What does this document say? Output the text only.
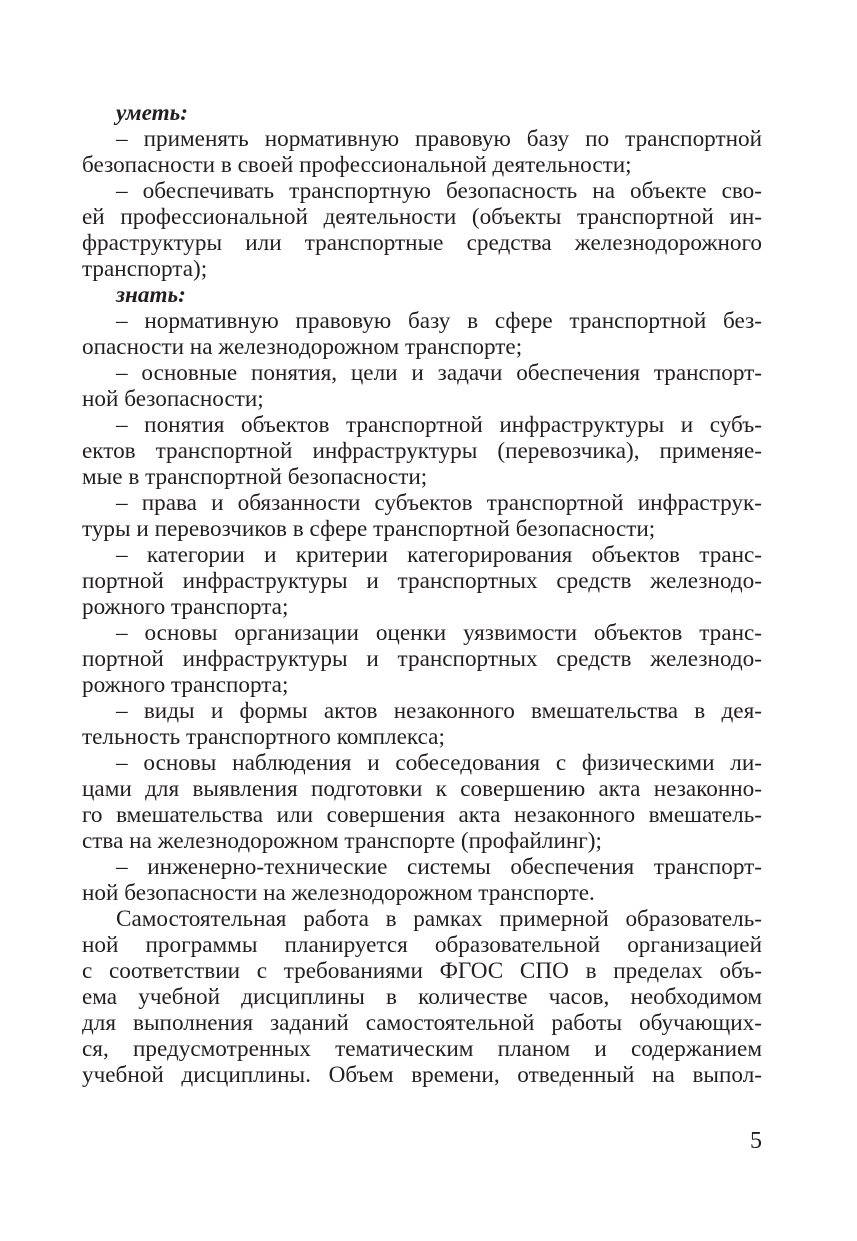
уметь:
– применять нормативную правовую базу по транспортной
безопасности в своей профессиональной деятельности;
– обеспечивать транспортную безопасность на объекте сво-
ей профессиональной деятельности (объекты транспортной ин-
фраструктуры или транспортные средства железнодорожного
транспорта);
знать:
– нормативную правовую базу в сфере транспортной без-
опасности на железнодорожном транспорте;
– основные понятия, цели и задачи обеспечения транспорт-
ной безопасности;
– понятия объектов транспортной инфраструктуры и субъ-
ектов транспортной инфраструктуры (перевозчика), применяе-
мые в транспортной безопасности;
– права и обязанности субъектов транспортной инфраструк-
туры и перевозчиков в сфере транспортной безопасности;
– категории и критерии категорирования объектов транс-
портной инфраструктуры и транспортных средств железнодо-
рожного транспорта;
– основы организации оценки уязвимости объектов транс-
портной инфраструктуры и транспортных средств железнодо-
рожного транспорта;
– виды и формы актов незаконного вмешательства в дея-
тельность транспортного комплекса;
– основы наблюдения и собеседования с физическими ли-
цами для выявления подготовки к совершению акта незаконно-
го вмешательства или совершения акта незаконного вмешатель-
ства на железнодорожном транспорте (профайлинг);
– инженерно-технические системы обеспечения транспорт-
ной безопасности на железнодорожном транспорте.
Самостоятельная работа в рамках примерной образователь-
ной программы планируется образовательной организацией
с соответствии с требованиями ФГОС СПО в пределах объ-
ема учебной дисциплины в количестве часов, необходимом
для выполнения заданий самостоятельной работы обучающих-
ся, предусмотренных тематическим планом и содержанием
учебной дисциплины. Объем времени, отведенный на выпол-
5
